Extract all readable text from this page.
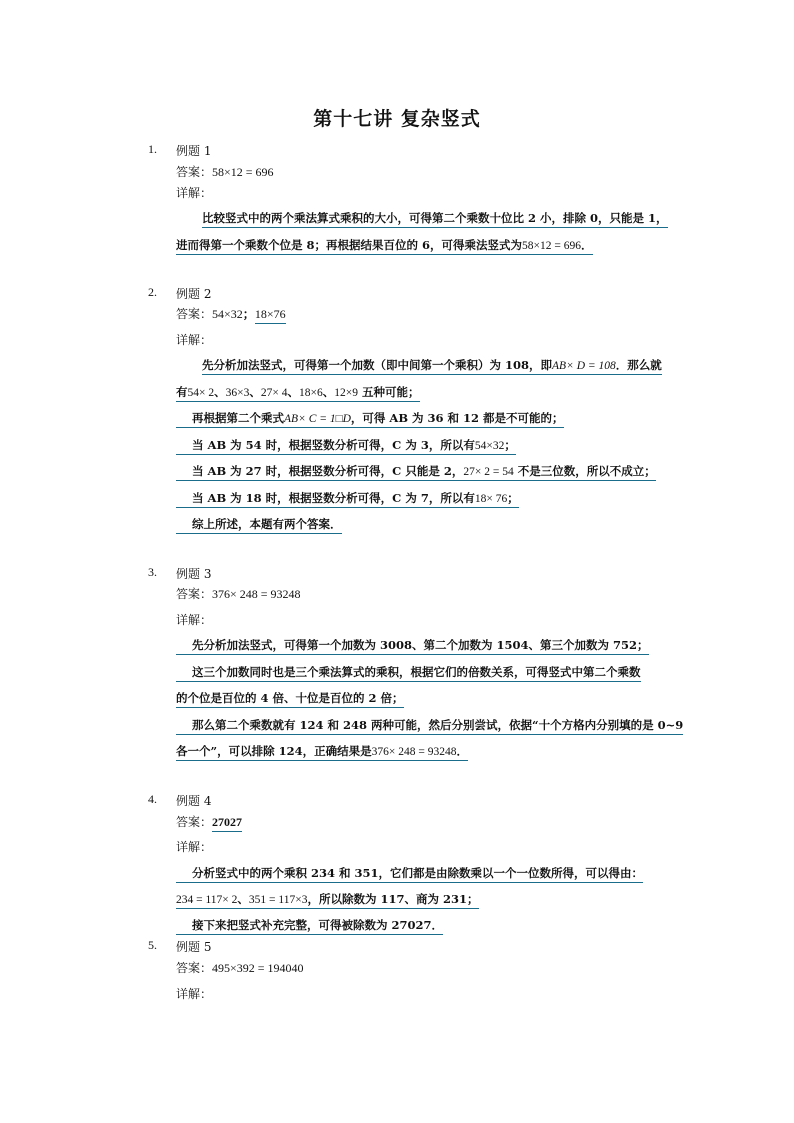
第十七讲 复杂竖式
1. 例题 1
答案：58×12 = 696
详解：
比较竖式中的两个乘法算式乘积的大小，可得第二个乘数十位比 2 小，排除 0，只能是 1，
进而得第一个乘数个位是 8；再根据结果百位的 6，可得乘法竖式为58×12 = 696．
2. 例题 2
答案：54×32；18×76
详解：
先分析加法竖式，可得第一个加数（即中间第一个乘积）为 108，即AB× D = 108．那么就
有54× 2、36×3、27× 4、18×6、12×9 五种可能；
再根据第二个乘式AB× C = 1□D，可得 AB 为 36 和 12 都是不可能的；
当 AB 为 54 时，根据竖数分析可得，C 为 3，所以有54×32；
当 AB 为 27 时，根据竖数分析可得，C 只能是 2，27× 2 = 54 不是三位数，所以不成立；
当 AB 为 18 时，根据竖数分析可得，C 为 7，所以有18× 76；
综上所述，本题有两个答案．
3. 例题 3
答案：376× 248 = 93248
详解：
先分析加法竖式，可得第一个加数为 3008、第二个加数为 1504、第三个加数为 752；
这三个加数同时也是三个乘法算式的乘积，根据它们的倍数关系，可得竖式中第二个乘数
的个位是百位的 4 倍、十位是百位的 2 倍；
那么第二个乘数就有 124 和 248 两种可能，然后分别尝试，依据“十个方格内分别填的是 0~9
各一个”，可以排除 124，正确结果是376× 248 = 93248．
4. 例题 4
答案：27027
详解：
分析竖式中的两个乘积 234 和 351，它们都是由除数乘以一个一位数所得，可以得由：
234 = 117× 2、351 = 117×3，所以除数为 117、商为 231；
接下来把竖式补充完整，可得被除数为 27027．
5. 例题 5
答案：495×392 = 194040
详解：
